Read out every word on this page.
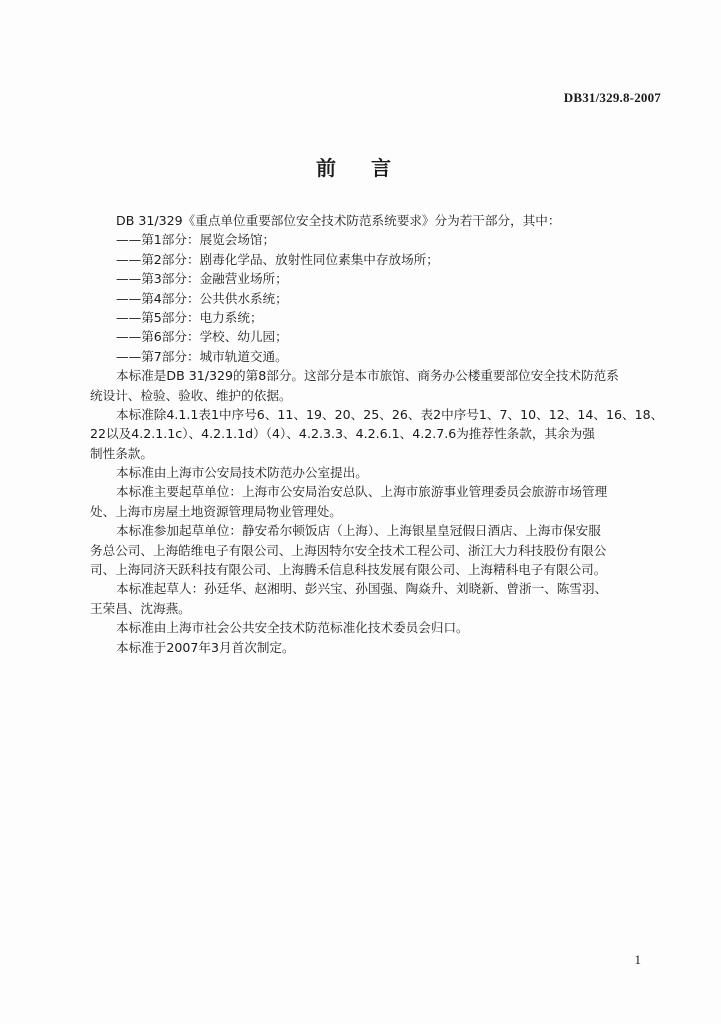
DB31/329.8-2007
前 言
DB 31/329《重点单位重要部位安全技术防范系统要求》分为若干部分，其中：
——第1部分：展览会场馆；
——第2部分：剧毒化学品、放射性同位素集中存放场所；
——第3部分：金融营业场所；
——第4部分：公共供水系统；
——第5部分：电力系统；
——第6部分：学校、幼儿园；
——第7部分：城市轨道交通。
本标准是DB 31/329的第8部分。这部分是本市旅馆、商务办公楼重要部位安全技术防范系
统设计、检验、验收、维护的依据。
本标准除4.1.1表1中序号6、11、19、20、25、26、表2中序号1、7、10、12、14、16、18、
22以及4.2.1.1c）、4.2.1.1d）（4）、4.2.3.3、4.2.6.1、4.2.7.6为推荐性条款，其余为强
制性条款。
本标准由上海市公安局技术防范办公室提出。
本标准主要起草单位：上海市公安局治安总队、上海市旅游事业管理委员会旅游市场管理
处、上海市房屋土地资源管理局物业管理处。
本标准参加起草单位：静安希尔顿饭店（上海）、上海银星皇冠假日酒店、上海市保安服
务总公司、上海皓维电子有限公司、上海因特尔安全技术工程公司、浙江大力科技股份有限公
司、上海同济天跃科技有限公司、上海腾禾信息科技发展有限公司、上海精科电子有限公司。
本标准起草人：孙廷华、赵湘明、彭兴宝、孙国强、陶焱升、刘晓新、曾浙一、陈雪羽、
王荣昌、沈海燕。
本标准由上海市社会公共安全技术防范标准化技术委员会归口。
本标准于2007年3月首次制定。
1
